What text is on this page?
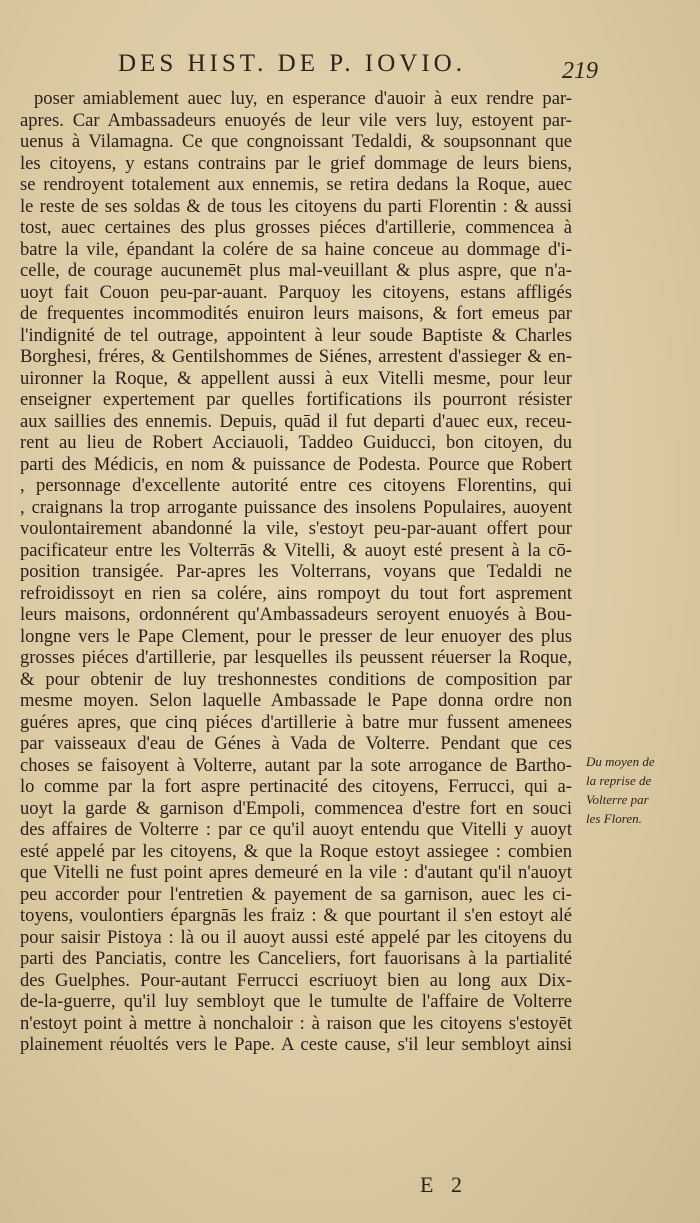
DES HIST. DE P. IOVIO.	219
poser amiablement auec luy, en esperance d'auoir à eux rendre par-
apres. Car Ambassadeurs enuoyés de leur vile vers luy, estoyent par-
uenus à Vilamagna. Ce que congnoissant Tedaldi, & soupsonnant que
les citoyens, y estans contrains par le grief dommage de leurs biens,
se rendroyent totalement aux ennemis, se retira dedans la Roque, auec
le reste de ses soldas & de tous les citoyens du parti Florentin : & aussi
tost, auec certaines des plus grosses piéces d'artillerie, commencea à
batre la vile, épandant la colére de sa haine conceue au dommage d'i-
celle, de courage aucunemēt plus mal-veuillant & plus aspre, que n'a-
uoyt fait Couon peu-par-auant. Parquoy les citoyens, estans affligés
de frequentes incommodités enuiron leurs maisons, & fort emeus par
l'indignité de tel outrage, appointent à leur soude Baptiste & Charles
Borghesi, fréres, & Gentilshommes de Siénes, arrestent d'assieger & en-
uironner la Roque, & appellent aussi à eux Vitelli mesme, pour leur
enseigner expertement par quelles fortifications ils pourront résister
aux saillies des ennemis. Depuis, quād il fut departi d'auec eux, receu-
rent au lieu de Robert Acciauoli, Taddeo Guiducci, bon citoyen, du
parti des Médicis, en nom & puissance de Podesta. Pource que Robert
, personnage d'excellente autorité entre ces citoyens Florentins, qui
, craignans la trop arrogante puissance des insolens Populaires, auoyent
voulontairement abandonné la vile, s'estoyt peu-par-auant offert pour
pacificateur entre les Volterrās & Vitelli, & auoyt esté present à la cō-
position transigée. Par-apres les Volterrans, voyans que Tedaldi ne
refroidissoyt en rien sa colére, ains rompoyt du tout fort asprement
leurs maisons, ordonnérent qu'Ambassadeurs seroyent enuoyés à Bou-
longne vers le Pape Clement, pour le presser de leur enuoyer des plus
grosses piéces d'artillerie, par lesquelles ils peussent réuerser la Roque,
& pour obtenir de luy treshonnestes conditions de composition par
mesme moyen. Selon laquelle Ambassade le Pape donna ordre non
guéres apres, que cinq piéces d'artillerie à batre mur fussent amenees
par vaisseaux d'eau de Génes à Vada de Volterre. Pendant que ces
choses se faisoyent à Volterre, autant par la sote arrogance de Bartho-
lo comme par la fort aspre pertinacité des citoyens, Ferrucci, qui a-
uoyt la garde & garnison d'Empoli, commencea d'estre fort en souci
des affaires de Volterre : par ce qu'il auoyt entendu que Vitelli y auoyt
esté appelé par les citoyens, & que la Roque estoyt assiegee : combien
que Vitelli ne fust point apres demeuré en la vile : d'autant qu'il n'auoyt
peu accorder pour l'entretien & payement de sa garnison, auec les ci-
toyens, voulontiers épargnās les fraiz : & que pourtant il s'en estoyt alé
pour saisir Pistoya : là ou il auoyt aussi esté appelé par les citoyens du
parti des Panciatis, contre les Canceliers, fort fauorisans à la partialité
des Guelphes. Pour-autant Ferrucci escriuoyt bien au long aux Dix-
de-la-guerre, qu'il luy sembloyt que le tumulte de l'affaire de Volterre
n'estoyt point à mettre à nonchaloir : à raison que les citoyens s'estoyēt
plainement réuoltés vers le Pape. A ceste cause, s'il leur sembloyt ainsi
Du moyen de
la reprise de
Volterre par
les Floren.
E 2
